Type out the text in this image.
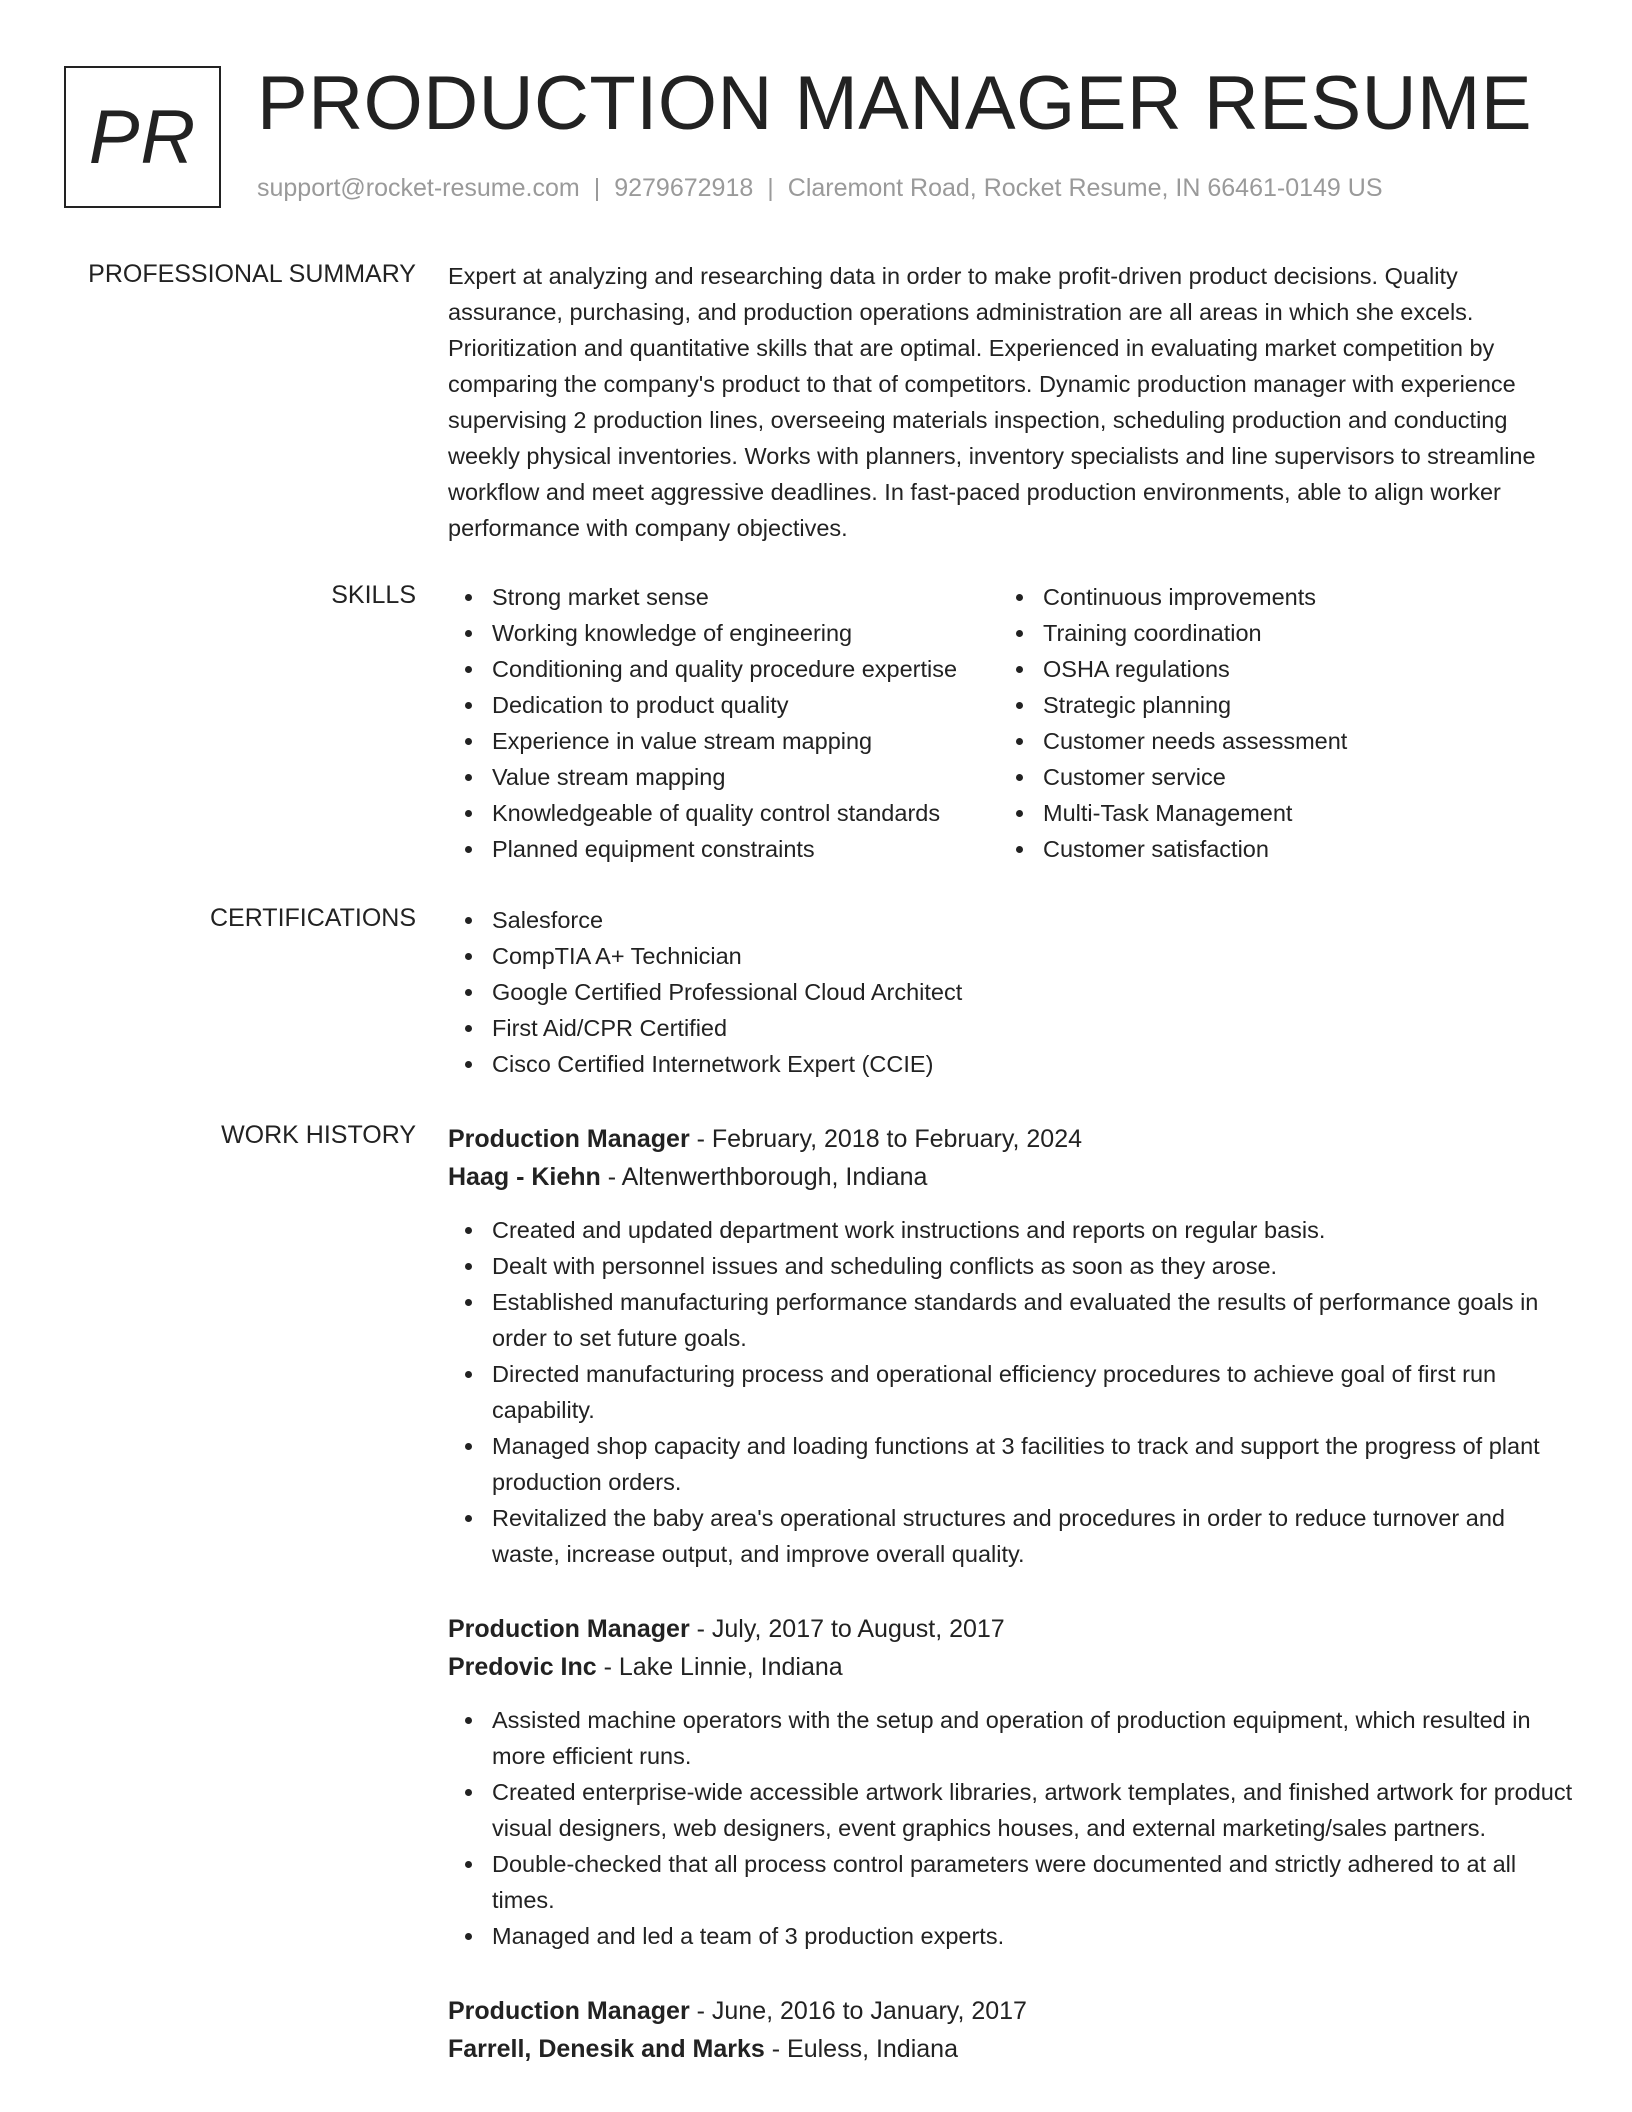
PR PRODUCTION MANAGER RESUME
support@rocket-resume.com | 9279672918 | Claremont Road, Rocket Resume, IN 66461-0149 US
PROFESSIONAL SUMMARY Expert at analyzing and researching data in order to make profit-driven product decisions. Quality assurance, purchasing, and production operations administration are all areas in which she excels. Prioritization and quantitative skills that are optimal. Experienced in evaluating market competition by comparing the company's product to that of competitors. Dynamic production manager with experience supervising 2 production lines, overseeing materials inspection, scheduling production and conducting weekly physical inventories. Works with planners, inventory specialists and line supervisors to streamline workflow and meet aggressive deadlines. In fast-paced production environments, able to align worker performance with company objectives.

SKILLS	Strong market sense
Working knowledge of engineering
Conditioning and quality procedure expertise
Dedication to product quality
Experience in value stream mapping
Value stream mapping
Knowledgeable of quality control standards
Planned equipment constraints
Continuous improvements
Training coordination
OSHA regulations
Strategic planning
Customer needs assessment
Customer service
Multi-Task Management
Customer satisfaction
CERTIFICATIONS	Salesforce
CompTIA A+ Technician
Google Certified Professional Cloud Architect
First Aid/CPR Certified
Cisco Certified Internetwork Expert (CCIE)
WORK HISTORY Production Manager - February, 2018 to February, 2024
Haag - Kiehn - Altenwerthborough, Indiana
Created and updated department work instructions and reports on regular basis.
Dealt with personnel issues and scheduling conflicts as soon as they arose.
Established manufacturing performance standards and evaluated the results of performance goals in order to set future goals.
Directed manufacturing process and operational efficiency procedures to achieve goal of first run capability.
Managed shop capacity and loading functions at 3 facilities to track and support the progress of plant production orders.
Revitalized the baby area's operational structures and procedures in order to reduce turnover and waste, increase output, and improve overall quality.
Production Manager - July, 2017 to August, 2017
Predovic Inc - Lake Linnie, Indiana
Assisted machine operators with the setup and operation of production equipment, which resulted in more efficient runs.
Created enterprise-wide accessible artwork libraries, artwork templates, and finished artwork for product visual designers, web designers, event graphics houses, and external marketing/sales partners.
Double-checked that all process control parameters were documented and strictly adhered to at all times.
Managed and led a team of 3 production experts.
Production Manager - June, 2016 to January, 2017
Farrell, Denesik and Marks - Euless, Indiana
